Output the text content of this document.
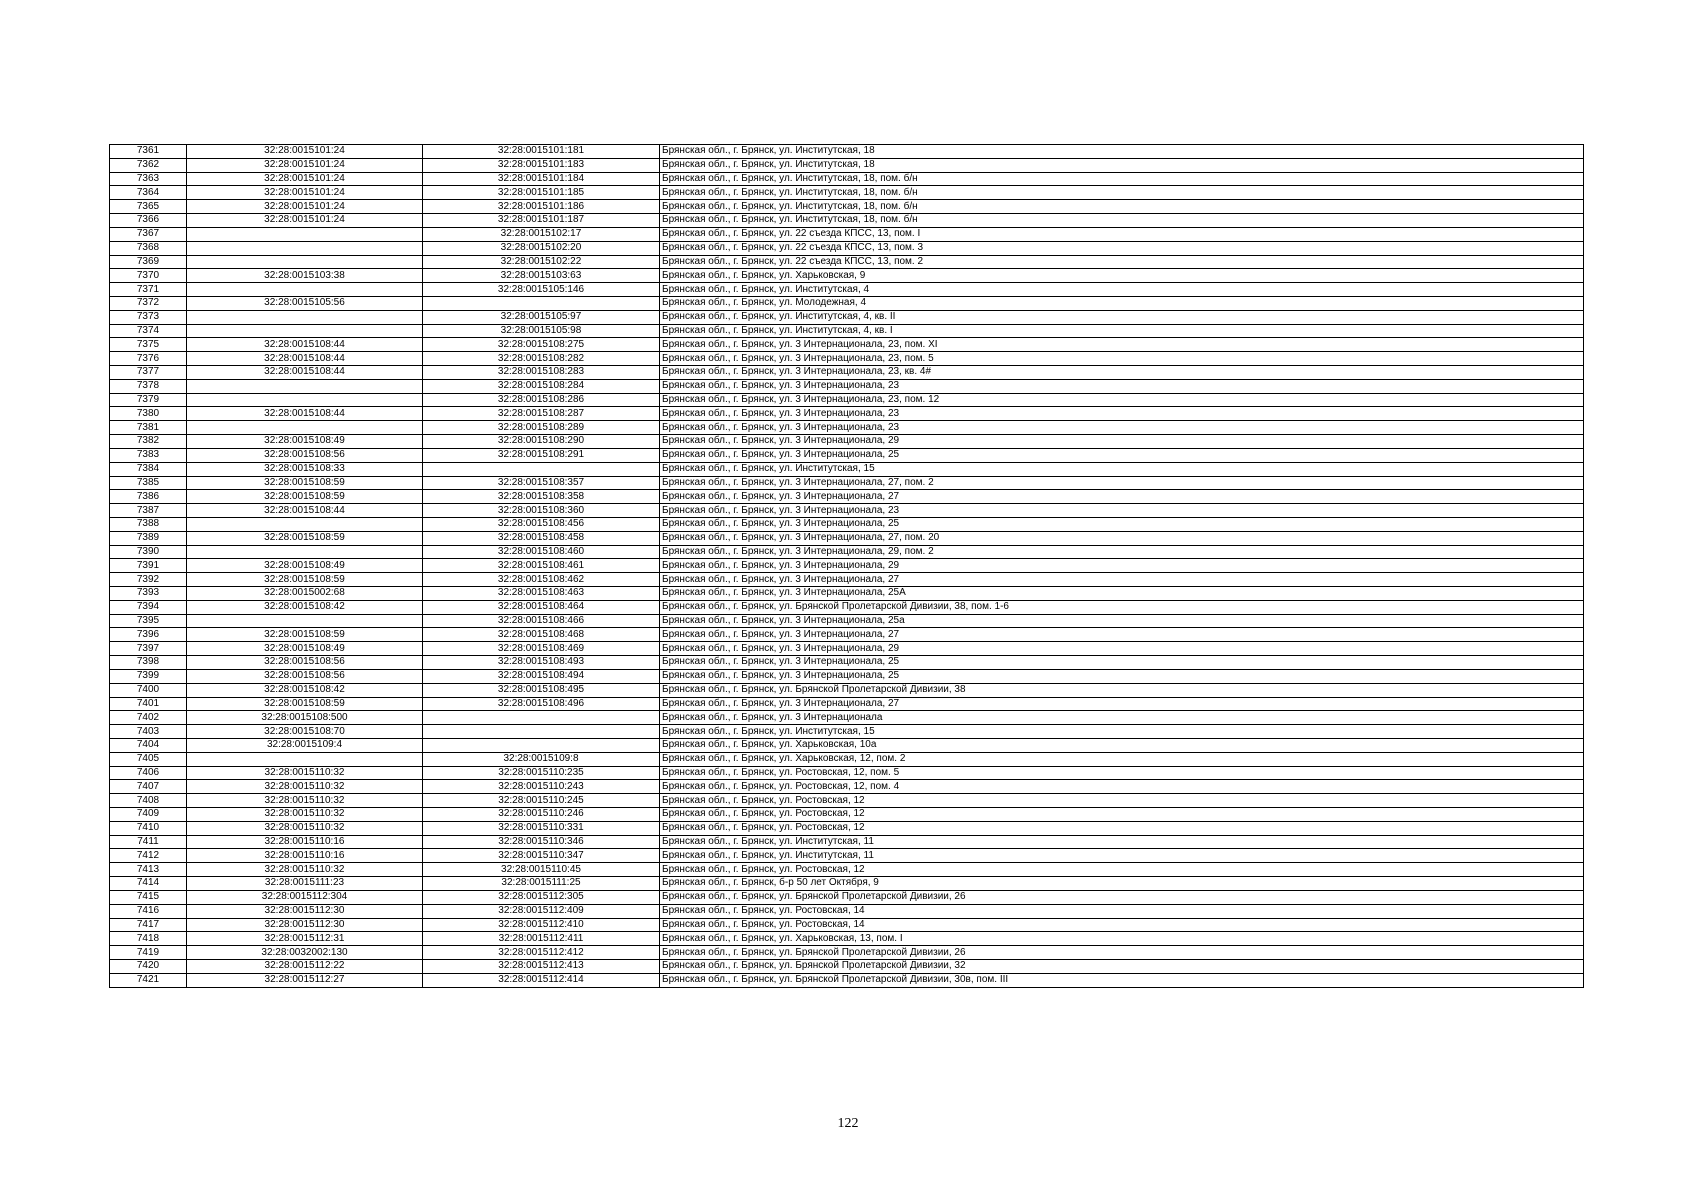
7361	32:28:0015101:24	32:28:0015101:181	Брянская обл., г. Брянск, ул. Институтская, 18
7362	32:28:0015101:24	32:28:0015101:183	Брянская обл., г. Брянск, ул. Институтская, 18
7363	32:28:0015101:24	32:28:0015101:184	Брянская обл., г. Брянск, ул. Институтская, 18, пом. б/н
7364	32:28:0015101:24	32:28:0015101:185	Брянская обл., г. Брянск, ул. Институтская, 18, пом. б/н
7365	32:28:0015101:24	32:28:0015101:186	Брянская обл., г. Брянск, ул. Институтская, 18, пом. б/н
7366	32:28:0015101:24	32:28:0015101:187	Брянская обл., г. Брянск, ул. Институтская, 18, пом. б/н
7367		32:28:0015102:17	Брянская обл., г. Брянск, ул. 22 съезда КПСС, 13, пом. I
7368		32:28:0015102:20	Брянская обл., г. Брянск, ул. 22 съезда КПСС, 13, пом. 3
7369		32:28:0015102:22	Брянская обл., г. Брянск, ул. 22 съезда КПСС, 13, пом. 2
7370	32:28:0015103:38	32:28:0015103:63	Брянская обл., г. Брянск, ул. Харьковская, 9
7371		32:28:0015105:146	Брянская обл., г. Брянск, ул. Институтская, 4
7372	32:28:0015105:56		Брянская обл., г. Брянск, ул. Молодежная, 4
7373		32:28:0015105:97	Брянская обл., г. Брянск, ул. Институтская, 4, кв. II
7374		32:28:0015105:98	Брянская обл., г. Брянск, ул. Институтская, 4, кв. I
7375	32:28:0015108:44	32:28:0015108:275	Брянская обл., г. Брянск, ул. 3 Интернационала, 23, пом. XI
7376	32:28:0015108:44	32:28:0015108:282	Брянская обл., г. Брянск, ул. 3 Интернационала, 23, пом. 5
7377	32:28:0015108:44	32:28:0015108:283	Брянская обл., г. Брянск, ул. 3 Интернационала, 23, кв. 4#
7378		32:28:0015108:284	Брянская обл., г. Брянск, ул. 3 Интернационала, 23
7379		32:28:0015108:286	Брянская обл., г. Брянск, ул. 3 Интернационала, 23, пом. 12
7380	32:28:0015108:44	32:28:0015108:287	Брянская обл., г. Брянск, ул. 3 Интернационала, 23
7381		32:28:0015108:289	Брянская обл., г. Брянск, ул. 3 Интернационала, 23
7382	32:28:0015108:49	32:28:0015108:290	Брянская обл., г. Брянск, ул. 3 Интернационала, 29
7383	32:28:0015108:56	32:28:0015108:291	Брянская обл., г. Брянск, ул. 3 Интернационала, 25
7384	32:28:0015108:33		Брянская обл., г. Брянск, ул. Институтская, 15
7385	32:28:0015108:59	32:28:0015108:357	Брянская обл., г. Брянск, ул. 3 Интернационала, 27, пом. 2
7386	32:28:0015108:59	32:28:0015108:358	Брянская обл., г. Брянск, ул. 3 Интернационала, 27
7387	32:28:0015108:44	32:28:0015108:360	Брянская обл., г. Брянск, ул. 3 Интернационала, 23
7388		32:28:0015108:456	Брянская обл., г. Брянск, ул. 3 Интернационала, 25
7389	32:28:0015108:59	32:28:0015108:458	Брянская обл., г. Брянск, ул. 3 Интернационала, 27, пом. 20
7390		32:28:0015108:460	Брянская обл., г. Брянск, ул. 3 Интернационала, 29, пом. 2
7391	32:28:0015108:49	32:28:0015108:461	Брянская обл., г. Брянск, ул. 3 Интернационала, 29
7392	32:28:0015108:59	32:28:0015108:462	Брянская обл., г. Брянск, ул. 3 Интернационала, 27
7393	32:28:0015002:68	32:28:0015108:463	Брянская обл., г. Брянск, ул. 3 Интернационала, 25А
7394	32:28:0015108:42	32:28:0015108:464	Брянская обл., г. Брянск, ул. Брянской Пролетарской Дивизии, 38, пом. 1-6
7395		32:28:0015108:466	Брянская обл., г. Брянск, ул. 3 Интернационала, 25а
7396	32:28:0015108:59	32:28:0015108:468	Брянская обл., г. Брянск, ул. 3 Интернационала, 27
7397	32:28:0015108:49	32:28:0015108:469	Брянская обл., г. Брянск, ул. 3 Интернационала, 29
7398	32:28:0015108:56	32:28:0015108:493	Брянская обл., г. Брянск, ул. 3 Интернационала, 25
7399	32:28:0015108:56	32:28:0015108:494	Брянская обл., г. Брянск, ул. 3 Интернационала, 25
7400	32:28:0015108:42	32:28:0015108:495	Брянская обл., г. Брянск, ул. Брянской Пролетарской Дивизии, 38
7401	32:28:0015108:59	32:28:0015108:496	Брянская обл., г. Брянск, ул. 3 Интернационала, 27
7402	32:28:0015108:500		Брянская обл., г. Брянск, ул. 3 Интернационала
7403	32:28:0015108:70		Брянская обл., г. Брянск, ул. Институтская, 15
7404	32:28:0015109:4		Брянская обл., г. Брянск, ул. Харьковская, 10а
7405		32:28:0015109:8	Брянская обл., г. Брянск, ул. Харьковская, 12, пом. 2
7406	32:28:0015110:32	32:28:0015110:235	Брянская обл., г. Брянск, ул. Ростовская, 12, пом. 5
7407	32:28:0015110:32	32:28:0015110:243	Брянская обл., г. Брянск, ул. Ростовская, 12, пом. 4
7408	32:28:0015110:32	32:28:0015110:245	Брянская обл., г. Брянск, ул. Ростовская, 12
7409	32:28:0015110:32	32:28:0015110:246	Брянская обл., г. Брянск, ул. Ростовская, 12
7410	32:28:0015110:32	32:28:0015110:331	Брянская обл., г. Брянск, ул. Ростовская, 12
7411	32:28:0015110:16	32:28:0015110:346	Брянская обл., г. Брянск, ул. Институтская, 11
7412	32:28:0015110:16	32:28:0015110:347	Брянская обл., г. Брянск, ул. Институтская, 11
7413	32:28:0015110:32	32:28:0015110:45	Брянская обл., г. Брянск, ул. Ростовская, 12
7414	32:28:0015111:23	32:28:0015111:25	Брянская обл., г. Брянск, б-р 50 лет Октября, 9
7415	32:28:0015112:304	32:28:0015112:305	Брянская обл., г. Брянск, ул. Брянской Пролетарской Дивизии, 26
7416	32:28:0015112:30	32:28:0015112:409	Брянская обл., г. Брянск, ул. Ростовская, 14
7417	32:28:0015112:30	32:28:0015112:410	Брянская обл., г. Брянск, ул. Ростовская, 14
7418	32:28:0015112:31	32:28:0015112:411	Брянская обл., г. Брянск, ул. Харьковская, 13, пом. I
7419	32:28:0032002:130	32:28:0015112:412	Брянская обл., г. Брянск, ул. Брянской Пролетарской Дивизии, 26
7420	32:28:0015112:22	32:28:0015112:413	Брянская обл., г. Брянск, ул. Брянской Пролетарской Дивизии, 32
7421	32:28:0015112:27	32:28:0015112:414	Брянская обл., г. Брянск, ул. Брянской Пролетарской Дивизии, 30в, пом. III
122
